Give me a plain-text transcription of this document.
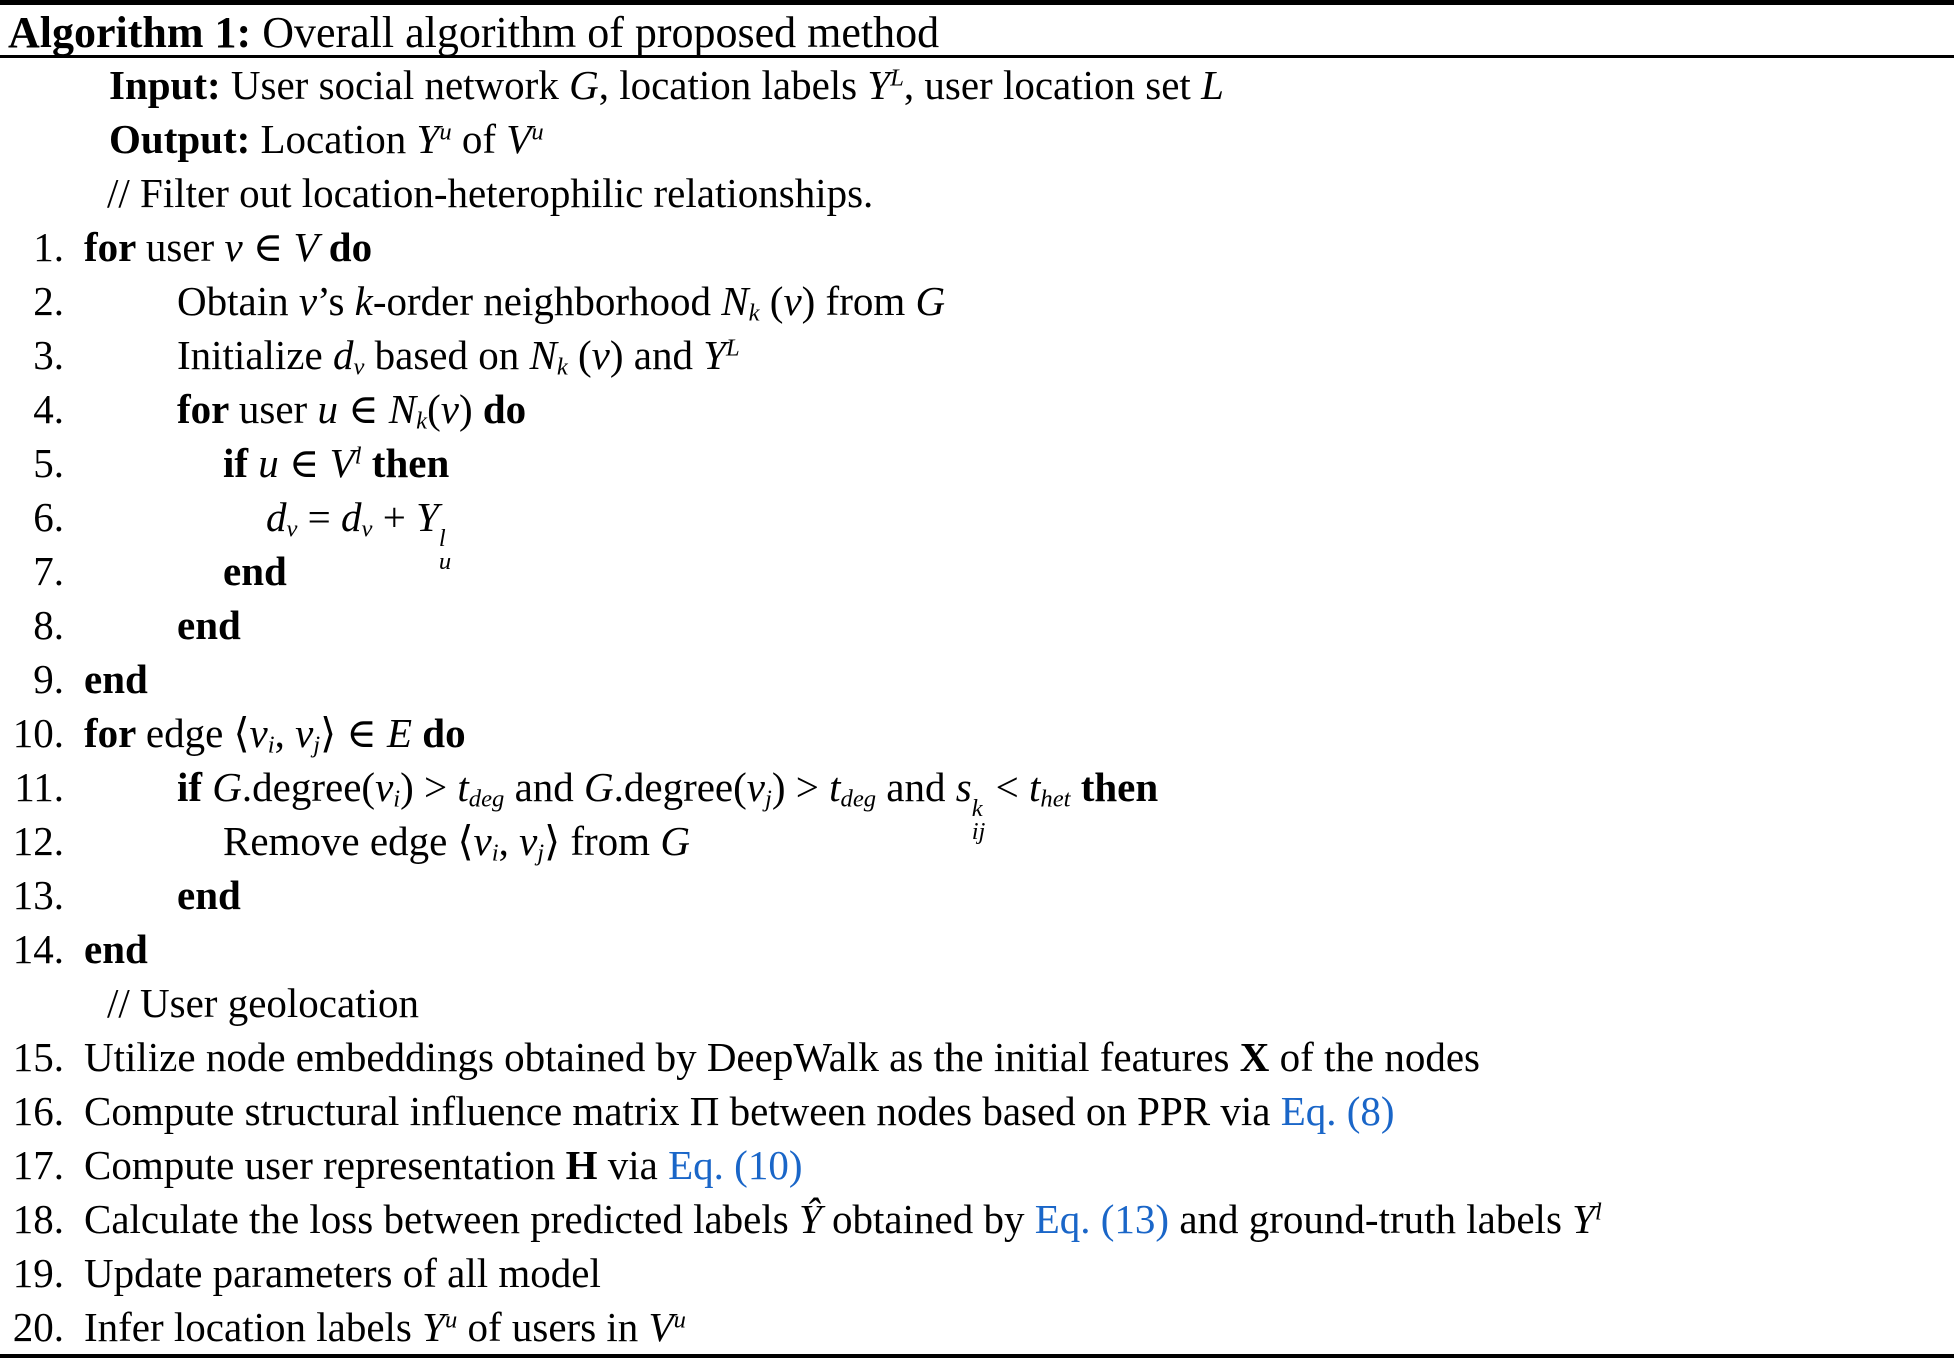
Algorithm 1: Overall algorithm of proposed method
Input: User social network G, location labels $Y^L$, user location set L
Output: Location $Y^u$ of $V^u$
// Filter out location-heterophilic relationships.
1. for user v ∈ V do
2.	Obtain v’s k-order neighborhood $N_k$ (v) from G
3.	Initialize $d_v$ based on $N_k$ (v) and $Y^L$
4.	for user u ∈ $N_k(v)$ do
5.	if u ∈ $V^l$ then
6.	$d_v = d_v + Y$ l
u
7.	end
8.	end
9. end
10. for edge $⟨v_i$, $v_j⟩$ ∈ E do
11.	if $G.degree(v_i) > t_{deg}$ and $G.degree(v_j) > t_{deg}$ and s k
ij
< $t_{het}$ then
12.	Remove edge $⟨v_i$, $v_j⟩$ from G
13.	end
14. end
// User geolocation
15. Utilize node embeddings obtained by DeepWalk as the initial features X of the nodes
16. Compute structural influence matrix Π between nodes based on PPR via Eq. (8)
17. Compute user representation H via Eq. (10)
18. Calculate the loss between predicted labels Ŷ obtained by Eq. (13) and ground-truth labels $Y^l$
19. Update parameters of all model
20. Infer location labels $Y^u$ of users in $V^u$
